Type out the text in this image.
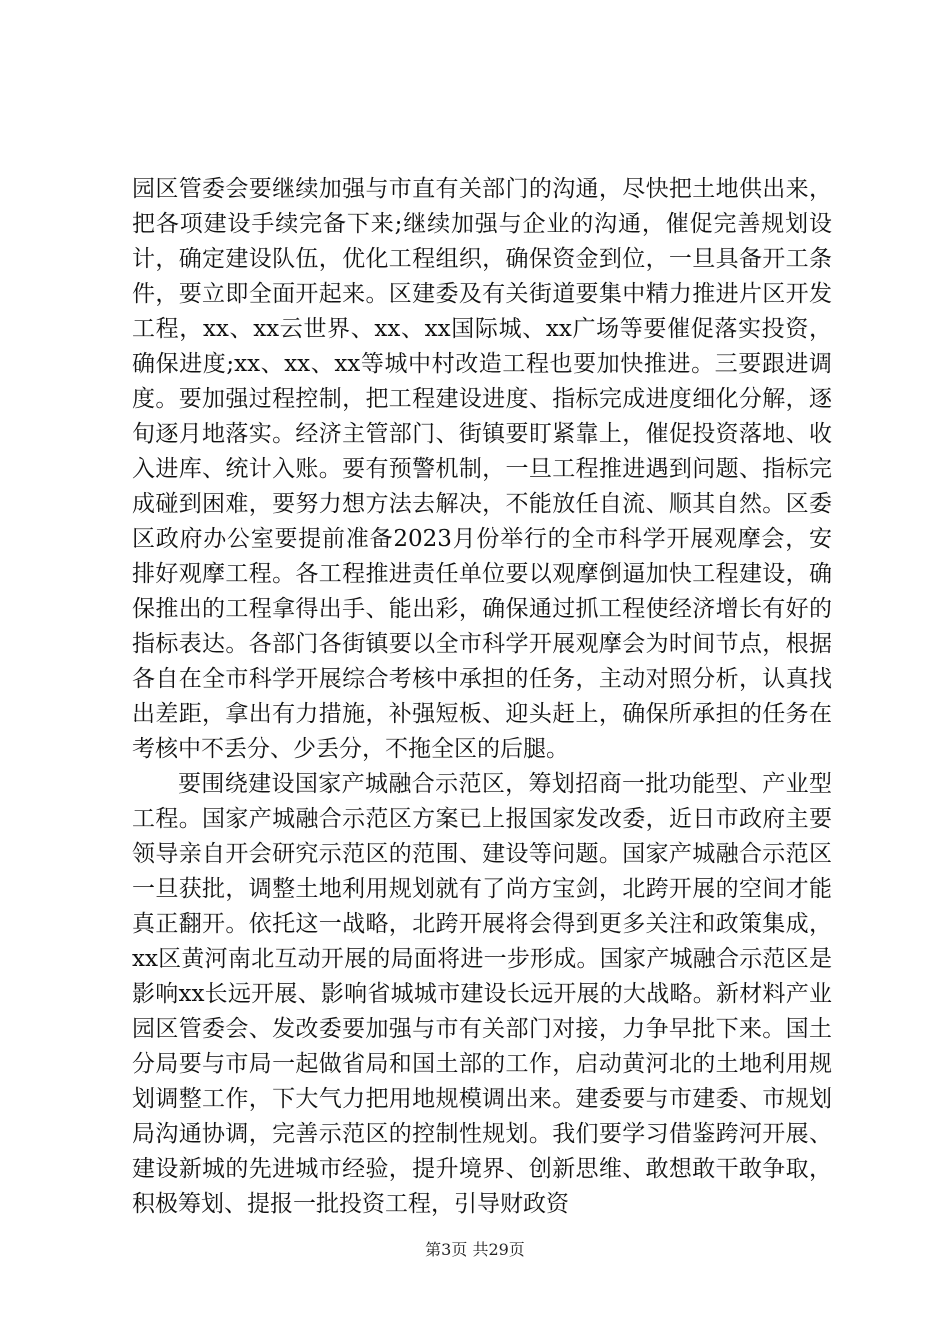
园区管委会要继续加强与市直有关部门的沟通，尽快把土地供出来，把各项建设手续完备下来;继续加强与企业的沟通，催促完善规划设计，确定建设队伍，优化工程组织，确保资金到位，一旦具备开工条件，要立即全面开起来。区建委及有关街道要集中精力推进片区开发工程，xx、xx云世界、xx、xx国际城、xx广场等要催促落实投资，确保进度;xx、xx、xx等城中村改造工程也要加快推进。三要跟进调度。要加强过程控制，把工程建设进度、指标完成进度细化分解，逐旬逐月地落实。经济主管部门、街镇要盯紧靠上，催促投资落地、收入进库、统计入账。要有预警机制，一旦工程推进遇到问题、指标完成碰到困难，要努力想方法去解决，不能放任自流、顺其自然。区委区政府办公室要提前准备2023月份举行的全市科学开展观摩会，安排好观摩工程。各工程推进责任单位要以观摩倒逼加快工程建设，确保推出的工程拿得出手、能出彩，确保通过抓工程使经济增长有好的指标表达。各部门各街镇要以全市科学开展观摩会为时间节点，根据各自在全市科学开展综合考核中承担的任务，主动对照分析，认真找出差距，拿出有力措施，补强短板、迎头赶上，确保所承担的任务在考核中不丢分、少丢分，不拖全区的后腿。

要围绕建设国家产城融合示范区，筹划招商一批功能型、产业型工程。国家产城融合示范区方案已上报国家发改委，近日市政府主要领导亲自开会研究示范区的范围、建设等问题。国家产城融合示范区一旦获批，调整土地利用规划就有了尚方宝剑，北跨开展的空间才能真正翻开。依托这一战略，北跨开展将会得到更多关注和政策集成，xx区黄河南北互动开展的局面将进一步形成。国家产城融合示范区是影响xx长远开展、影响省城城市建设长远开展的大战略。新材料产业园区管委会、发改委要加强与市有关部门对接，力争早批下来。国土分局要与市局一起做省局和国土部的工作，启动黄河北的土地利用规划调整工作，下大气力把用地规模调出来。建委要与市建委、市规划局沟通协调，完善示范区的控制性规划。我们要学习借鉴跨河开展、建设新城的先进城市经验，提升境界、创新思维、敢想敢干敢争取，积极筹划、提报一批投资工程，引导财政资

第3页 共29页
